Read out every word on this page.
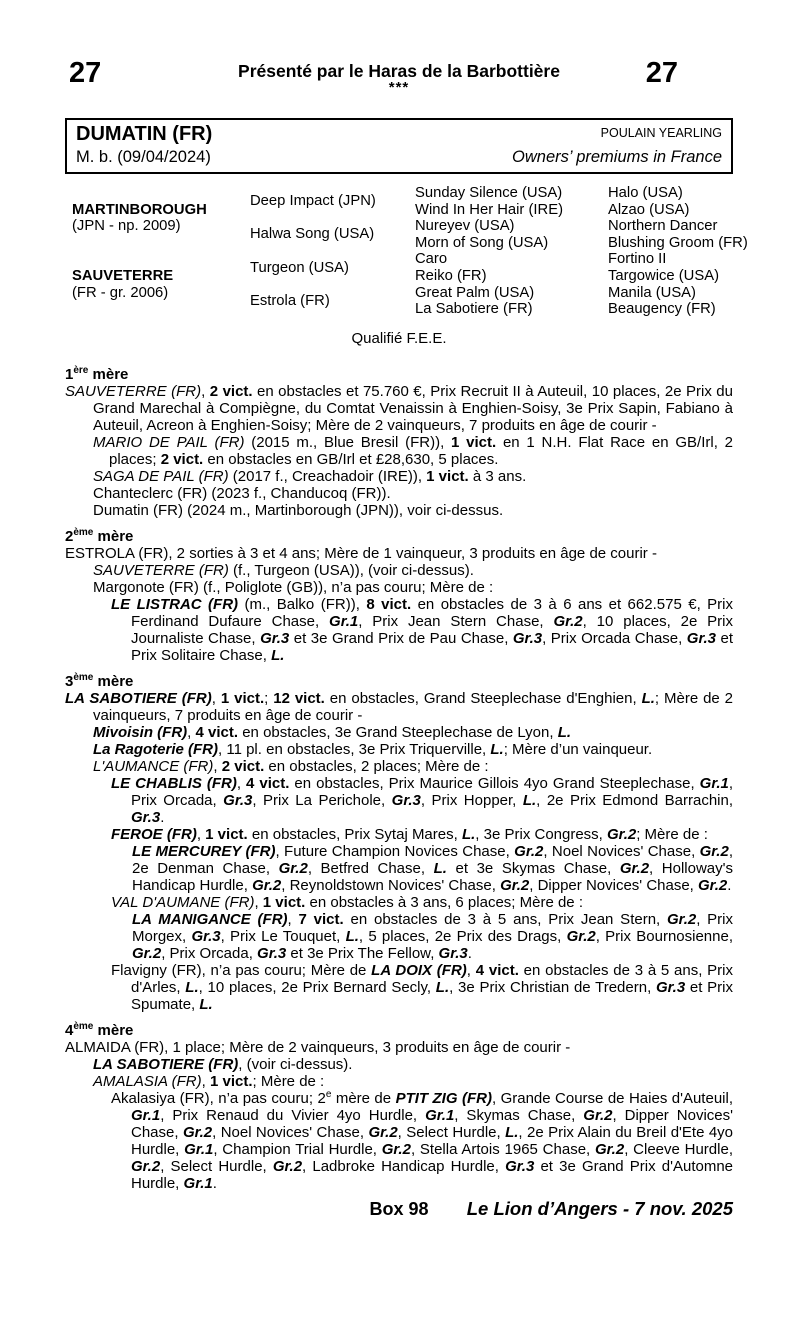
27	Présenté par le Haras de la Barbottière
***	27
DUMATIN (FR)
M. b. (09/04/2024)
POULAIN YEARLING
Owners’ premiums in France
MARTINBOROUGH
(JPN - np. 2009)
SAUVETERRE
(FR - gr. 2006)
Deep Impact (JPN)
Halwa Song (USA)
Turgeon (USA)
Estrola (FR)
Sunday Silence (USA)
Wind In Her Hair (IRE)
Nureyev (USA)
Morn of Song (USA)
Caro
Reiko (FR)
Great Palm (USA)
La Sabotiere (FR)
Halo (USA)
Alzao (USA)
Northern Dancer
Blushing Groom (FR)
Fortino II
Targowice (USA)
Manila (USA)
Beaugency (FR)
Qualifié F.E.E.
1ère mère

SAUVETERRE (FR), 2 vict. en obstacles et 75.760 €, Prix Recruit II à Auteuil, 10 places, 2e Prix du Grand Marechal à Compiègne, du Comtat Venaissin à Enghien-Soisy, 3e Prix Sapin, Fabiano à Auteuil, Acreon à Enghien-Soisy; Mère de 2 vainqueurs, 7 produits en âge de courir -

MARIO DE PAIL (FR) (2015 m., Blue Bresil (FR)), 1 vict. en 1 N.H. Flat Race en GB/Irl, 2 places; 2 vict. en obstacles en GB/Irl et £28,630, 5 places.

SAGA DE PAIL (FR) (2017 f., Creachadoir (IRE)), 1 vict. à 3 ans.

Chanteclerc (FR) (2023 f., Chanducoq (FR)).

Dumatin (FR) (2024 m., Martinborough (JPN)), voir ci-dessus.

2ème mère

ESTROLA (FR), 2 sorties à 3 et 4 ans; Mère de 1 vainqueur, 3 produits en âge de courir -

SAUVETERRE (FR) (f., Turgeon (USA)), (voir ci-dessus).

Margonote (FR) (f., Poliglote (GB)), n’a pas couru; Mère de :

LE LISTRAC (FR) (m., Balko (FR)), 8 vict. en obstacles de 3 à 6 ans et 662.575 €, Prix Ferdinand Dufaure Chase, Gr.1, Prix Jean Stern Chase, Gr.2, 10 places, 2e Prix Journaliste Chase, Gr.3 et 3e Grand Prix de Pau Chase, Gr.3, Prix Orcada Chase, Gr.3 et Prix Solitaire Chase, L.

3ème mère

LA SABOTIERE (FR), 1 vict.; 12 vict. en obstacles, Grand Steeplechase d'Enghien, L.; Mère de 2 vainqueurs, 7 produits en âge de courir -

Mivoisin (FR), 4 vict. en obstacles, 3e Grand Steeplechase de Lyon, L.

La Ragoterie (FR), 11 pl. en obstacles, 3e Prix Triquerville, L.; Mère d’un vainqueur.

L'AUMANCE (FR), 2 vict. en obstacles, 2 places; Mère de :

LE CHABLIS (FR), 4 vict. en obstacles, Prix Maurice Gillois 4yo Grand Steeplechase, Gr.1, Prix Orcada, Gr.3, Prix La Perichole, Gr.3, Prix Hopper, L., 2e Prix Edmond Barrachin, Gr.3.

FEROE (FR), 1 vict. en obstacles, Prix Sytaj Mares, L., 3e Prix Congress, Gr.2; Mère de :

LE MERCUREY (FR), Future Champion Novices Chase, Gr.2, Noel Novices' Chase, Gr.2, 2e Denman Chase, Gr.2, Betfred Chase, L. et 3e Skymas Chase, Gr.2, Holloway's Handicap Hurdle, Gr.2, Reynoldstown Novices' Chase, Gr.2, Dipper Novices' Chase, Gr.2.

VAL D'AUMANE (FR), 1 vict. en obstacles à 3 ans, 6 places; Mère de :

LA MANIGANCE (FR), 7 vict. en obstacles de 3 à 5 ans, Prix Jean Stern, Gr.2, Prix Morgex, Gr.3, Prix Le Touquet, L., 5 places, 2e Prix des Drags, Gr.2, Prix Bournosienne, Gr.2, Prix Orcada, Gr.3 et 3e Prix The Fellow, Gr.3.

Flavigny (FR), n’a pas couru; Mère de LA DOIX (FR), 4 vict. en obstacles de 3 à 5 ans, Prix d'Arles, L., 10 places, 2e Prix Bernard Secly, L., 3e Prix Christian de Tredern, Gr.3 et Prix Spumate, L.

4ème mère

ALMAIDA (FR), 1 place; Mère de 2 vainqueurs, 3 produits en âge de courir -

LA SABOTIERE (FR), (voir ci-dessus).

AMALASIA (FR), 1 vict.; Mère de :

Akalasiya (FR), n’a pas couru; 2e mère de PTIT ZIG (FR), Grande Course de Haies d'Auteuil, Gr.1, Prix Renaud du Vivier 4yo Hurdle, Gr.1, Skymas Chase, Gr.2, Dipper Novices' Chase, Gr.2, Noel Novices' Chase, Gr.2, Select Hurdle, L., 2e Prix Alain du Breil d'Ete 4yo Hurdle, Gr.1, Champion Trial Hurdle, Gr.2, Stella Artois 1965 Chase, Gr.2, Cleeve Hurdle, Gr.2, Select Hurdle, Gr.2, Ladbroke Handicap Hurdle, Gr.3 et 3e Grand Prix d'Automne Hurdle, Gr.1.

Box 98 Le Lion d’Angers - 7 nov. 2025
